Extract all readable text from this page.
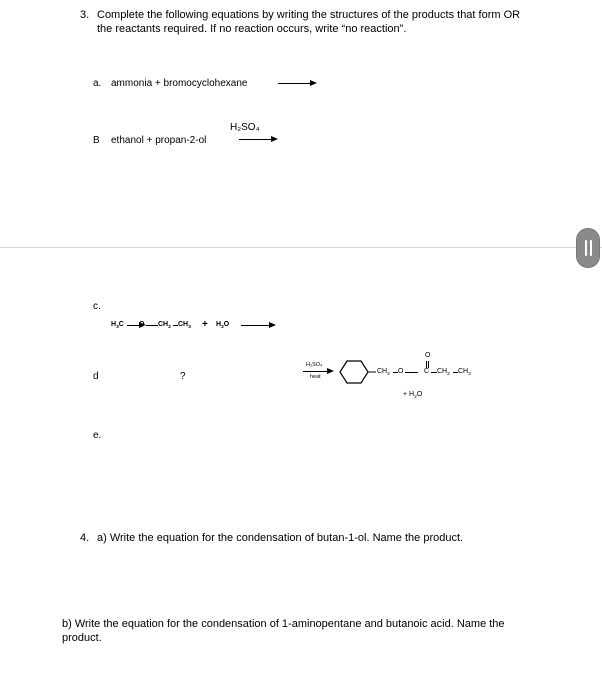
3. Complete the following equations by writing the structures of the products that form OR
the reactants required. If no reaction occurs, write “no reaction”.
a. ammonia + bromocyclohexane
H₂SO₄
B ethanol + propan-2-ol
c.
$H_3C$ O $CH_2$ $CH_3 + H_2O$
d	?
H₂SO₄
heat
$CH_2$ O
O
C $CH_2$ $CH_3$
+ $H_2O$
e.
4. a) Write the equation for the condensation of butan-1-ol. Name the product.
b) Write the equation for the condensation of 1-aminopentane and butanoic acid. Name the
product.
